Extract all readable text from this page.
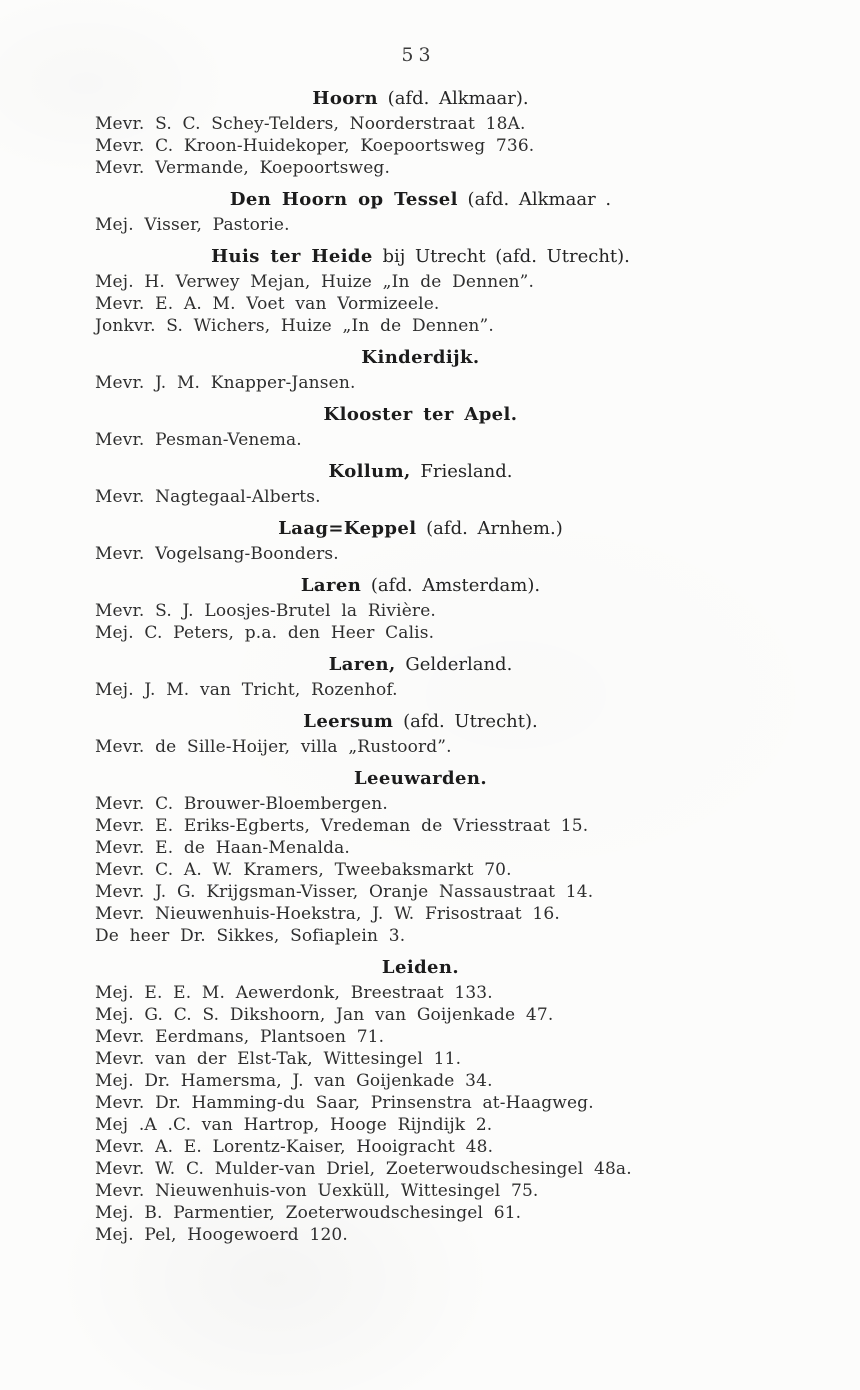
53

Hoorn (afd. Alkmaar).

Mevr. S. C. Schey-Telders, Noorderstraat 18A.

Mevr. C. Kroon-Huidekoper, Koepoortsweg 736.

Mevr. Vermande, Koepoortsweg.

Den Hoorn op Tessel (afd. Alkmaar .

Mej. Visser, Pastorie.

Huis ter Heide bij Utrecht (afd. Utrecht).

Mej. H. Verwey Mejan, Huize „In de Dennen”.

Mevr. E. A. M. Voet van Vormizeele.

Jonkvr. S. Wichers, Huize „In de Dennen”.

Kinderdijk.

Mevr. J. M. Knapper-Jansen.

Klooster ter Apel.

Mevr. Pesman-Venema.

Kollum, Friesland.

Mevr. Nagtegaal-Alberts.

Laag=Keppel (afd. Arnhem.)

Mevr. Vogelsang-Boonders.

Laren (afd. Amsterdam).

Mevr. S. J. Loosjes-Brutel la Rivière.

Mej. C. Peters, p.a. den Heer Calis.

Laren, Gelderland.

Mej. J. M. van Tricht, Rozenhof.

Leersum (afd. Utrecht).

Mevr. de Sille-Hoijer, villa „Rustoord”.

Leeuwarden.

Mevr. C. Brouwer-Bloembergen.

Mevr. E. Eriks-Egberts, Vredeman de Vriesstraat 15.

Mevr. E. de Haan-Menalda.

Mevr. C. A. W. Kramers, Tweebaksmarkt 70.

Mevr. J. G. Krijgsman-Visser, Oranje Nassaustraat 14.

Mevr. Nieuwenhuis-Hoekstra, J. W. Frisostraat 16.

De heer Dr. Sikkes, Sofiaplein 3.

Leiden.

Mej. E. E. M. Aewerdonk, Breestraat 133.

Mej. G. C. S. Dikshoorn, Jan van Goijenkade 47.

Mevr. Eerdmans, Plantsoen 71.

Mevr. van der Elst-Tak, Wittesingel 11.

Mej. Dr. Hamersma, J. van Goijenkade 34.

Mevr. Dr. Hamming-du Saar, Prinsenstra at-Haagweg.

Mej .A .C. van Hartrop, Hooge Rijndijk 2.

Mevr. A. E. Lorentz-Kaiser, Hooigracht 48.

Mevr. W. C. Mulder-van Driel, Zoeterwoudschesingel 48a.

Mevr. Nieuwenhuis-von Uexküll, Wittesingel 75.

Mej. B. Parmentier, Zoeterwoudschesingel 61.

Mej. Pel, Hoogewoerd 120.
